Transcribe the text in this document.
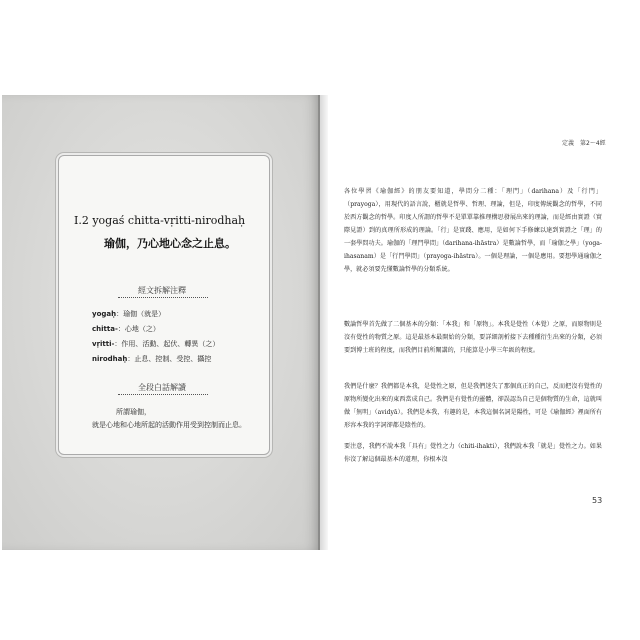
I.2 yogaś chitta-vṛitti-nirodhaḥ
瑜伽，乃心地心念之止息。
經文拆解注釋
yogaḥ：瑜伽（就是）
chitta-：心地（之）
vṛitti-：作用、活動、起伏、轉異（之）
nirodhaḥ：止息、控制、受控、攝控
全段白話解讀
所謂瑜伽，
就是心地和心地所起的活動作用受到控制而止息。
定義　第2～4經
各位學習《瑜伽經》的朋友要知道，學問分二種：「理門」（darihana）及「行門」（prayoga），用現代的語言說，櫃就是哲學、哲理、理論，但是，印度傳統觀念的哲學，不同於西方觀念的哲學。印度人所謂的哲學不是單單靠推理構思發展出來的理論，而是經由實證（實際見證）到的真理所形成的理論。「行」是實踐、應用，是如何下手修練以達到實證之「理」的一套學問功夫。瑜伽的「理門學問」（darihana-ihāstra）是數論哲學，而「瑜伽之學」（yoga-ihasanam）是「行門學問」（prayoga-ihāstra）。一個是理論，一個是應用。要想學通瑜伽之學，就必須要先懂數論哲學的分類系統。
數論哲學首先做了二個基本的分類：「本我」和「原物」。本我是覺性（本覺）之原，而原物則是沒有覺性的物質之原。這是最基本最開始的分類，要詳細剖析接下去種種衍生出來的分類，必須要到博士班的程度，而我們目前所闡講的，只能算是小學三年級的程度。
我們是什麼？我們都是本我，是覺性之原，但是我們迷失了那個真正的自己，反而把沒有覺性的原物所變化出來的東西當成自己。我們是有覺性的靈體，卻誤認為自己是個物質的生命，這就叫做「無明」（avidyā）。我們是本我，有趣的是，本我這個名詞是陽性，可是《瑜伽經》裡面所有形容本我的字詞卻都是陰性的。
要注意，我們不說本我「具有」覺性之力（chiti-ihakti），我們說本我「就是」覺性之力。如果你沒了解這個最基本的道理，你根本沒
53
